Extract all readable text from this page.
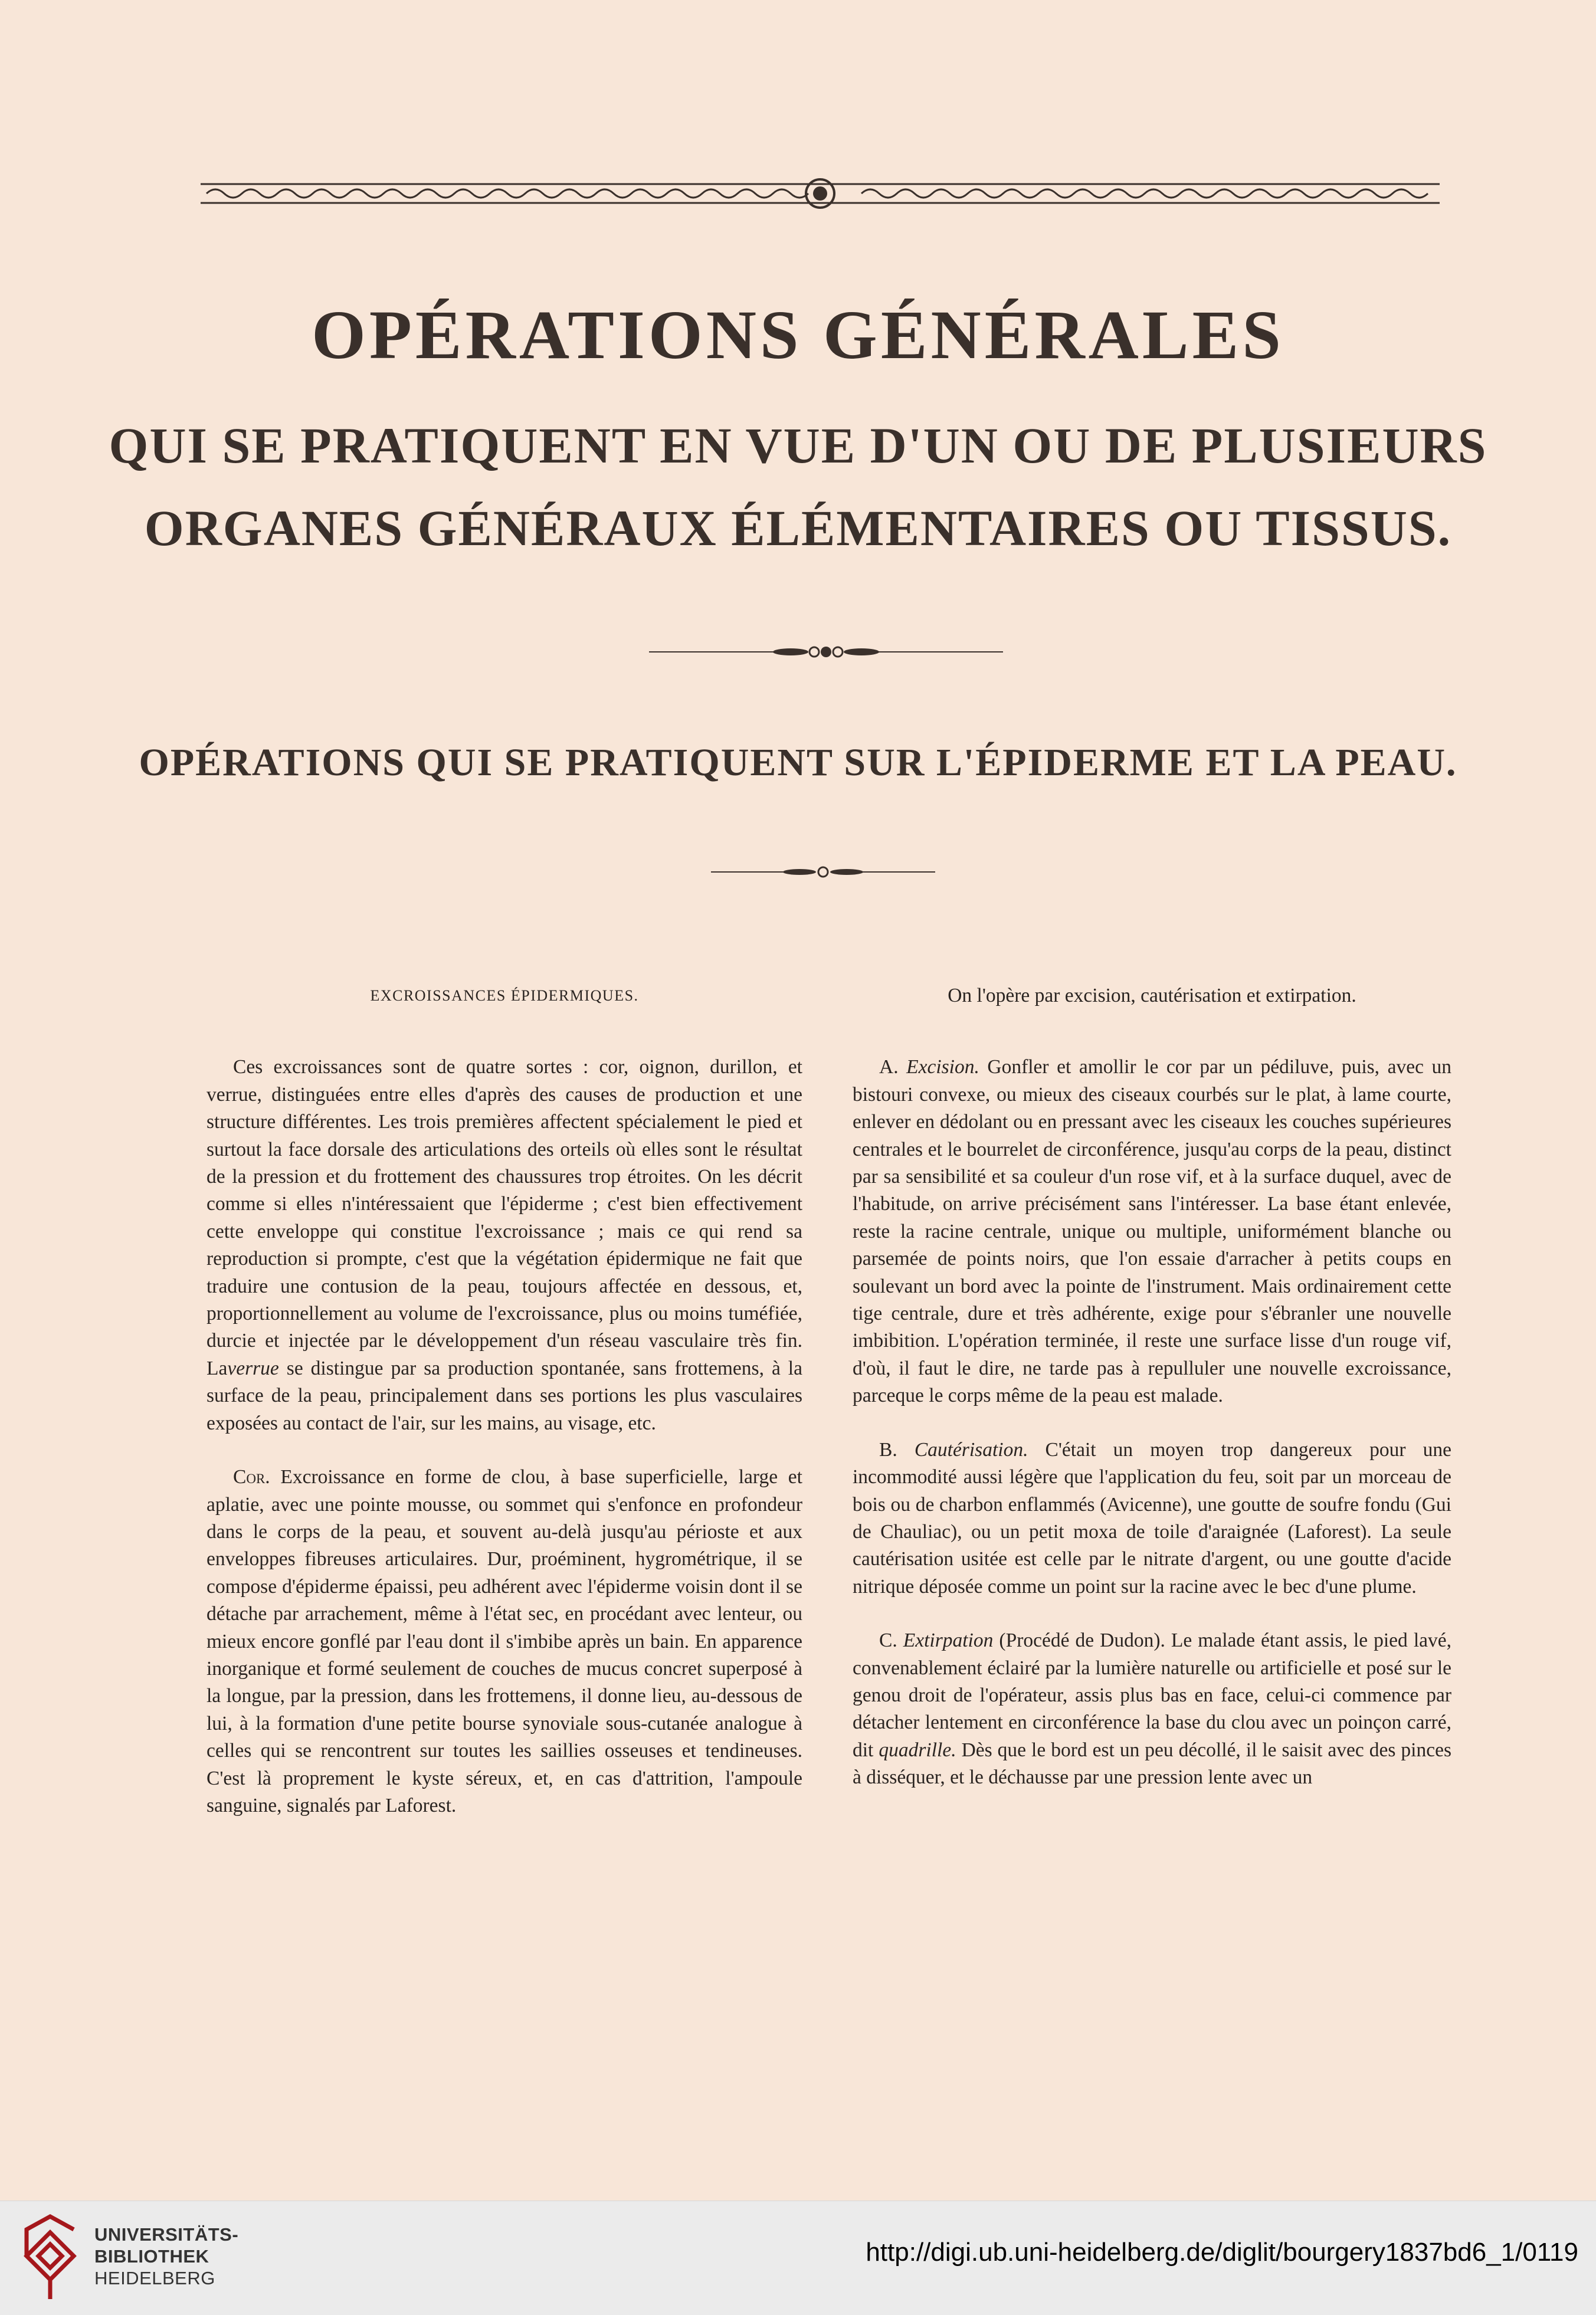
OPÉRATIONS GÉNÉRALES
QUI SE PRATIQUENT EN VUE D'UN OU DE PLUSIEURS
ORGANES GÉNÉRAUX ÉLÉMENTAIRES OU TISSUS.
OPÉRATIONS QUI SE PRATIQUENT SUR L'ÉPIDERME ET LA PEAU.

EXCROISSANCES ÉPIDERMIQUES.

Ces excroissances sont de quatre sortes : cor, oignon, durillon, et verrue, distinguées entre elles d'après des causes de production et une structure différentes. Les trois premières affectent spécialement le pied et surtout la face dorsale des articulations des orteils où elles sont le résultat de la pression et du frottement des chaussures trop étroites. On les décrit comme si elles n'intéressaient que l'épiderme ; c'est bien effectivement cette enveloppe qui constitue l'excroissance ; mais ce qui rend sa reproduction si prompte, c'est que la végétation épidermique ne fait que traduire une contusion de la peau, toujours affectée en dessous, et, proportionnellement au volume de l'excroissance, plus ou moins tuméfiée, durcie et injectée par le développement d'un réseau vasculaire très fin. Laverrue se distingue par sa production spontanée, sans frottemens, à la surface de la peau, principalement dans ses portions les plus vasculaires exposées au contact de l'air, sur les mains, au visage, etc.

Cor. Excroissance en forme de clou, à base superficielle, large et aplatie, avec une pointe mousse, ou sommet qui s'enfonce en profondeur dans le corps de la peau, et souvent au-delà jusqu'au périoste et aux enveloppes fibreuses articulaires. Dur, proéminent, hygrométrique, il se compose d'épiderme épaissi, peu adhérent avec l'épiderme voisin dont il se détache par arrachement, même à l'état sec, en procédant avec lenteur, ou mieux encore gonflé par l'eau dont il s'imbibe après un bain. En apparence inorganique et formé seulement de couches de mucus concret superposé à la longue, par la pression, dans les frottemens, il donne lieu, au-dessous de lui, à la formation d'une petite bourse synoviale sous-cutanée analogue à celles qui se rencontrent sur toutes les saillies osseuses et tendineuses. C'est là proprement le kyste séreux, et, en cas d'attrition, l'ampoule sanguine, signalés par Laforest.

On l'opère par excision, cautérisation et extirpation.

A. Excision. Gonfler et amollir le cor par un pédiluve, puis, avec un bistouri convexe, ou mieux des ciseaux courbés sur le plat, à lame courte, enlever en dédolant ou en pressant avec les ciseaux les couches supérieures centrales et le bourrelet de circonférence, jusqu'au corps de la peau, distinct par sa sensibilité et sa couleur d'un rose vif, et à la surface duquel, avec de l'habitude, on arrive précisément sans l'intéresser. La base étant enlevée, reste la racine centrale, unique ou multiple, uniformément blanche ou parsemée de points noirs, que l'on essaie d'arracher à petits coups en soulevant un bord avec la pointe de l'instrument. Mais ordinairement cette tige centrale, dure et très adhérente, exige pour s'ébranler une nouvelle imbibition. L'opération terminée, il reste une surface lisse d'un rouge vif, d'où, il faut le dire, ne tarde pas à repulluler une nouvelle excroissance, parceque le corps même de la peau est malade.

B. Cautérisation. C'était un moyen trop dangereux pour une incommodité aussi légère que l'application du feu, soit par un morceau de bois ou de charbon enflammés (Avicenne), une goutte de soufre fondu (Gui de Chauliac), ou un petit moxa de toile d'araignée (Laforest). La seule cautérisation usitée est celle par le nitrate d'argent, ou une goutte d'acide nitrique déposée comme un point sur la racine avec le bec d'une plume.

C. Extirpation (Procédé de Dudon). Le malade étant assis, le pied lavé, convenablement éclairé par la lumière naturelle ou artificielle et posé sur le genou droit de l'opérateur, assis plus bas en face, celui-ci commence par détacher lentement en circonférence la base du clou avec un poinçon carré, dit quadrille. Dès que le bord est un peu décollé, il le saisit avec des pinces à disséquer, et le déchausse par une pression lente avec un

UNIVERSITÄTS-
BIBLIOTHEK
HEIDELBERG
http://digi.ub.uni-heidelberg.de/diglit/bourgery1837bd6_1/0119
